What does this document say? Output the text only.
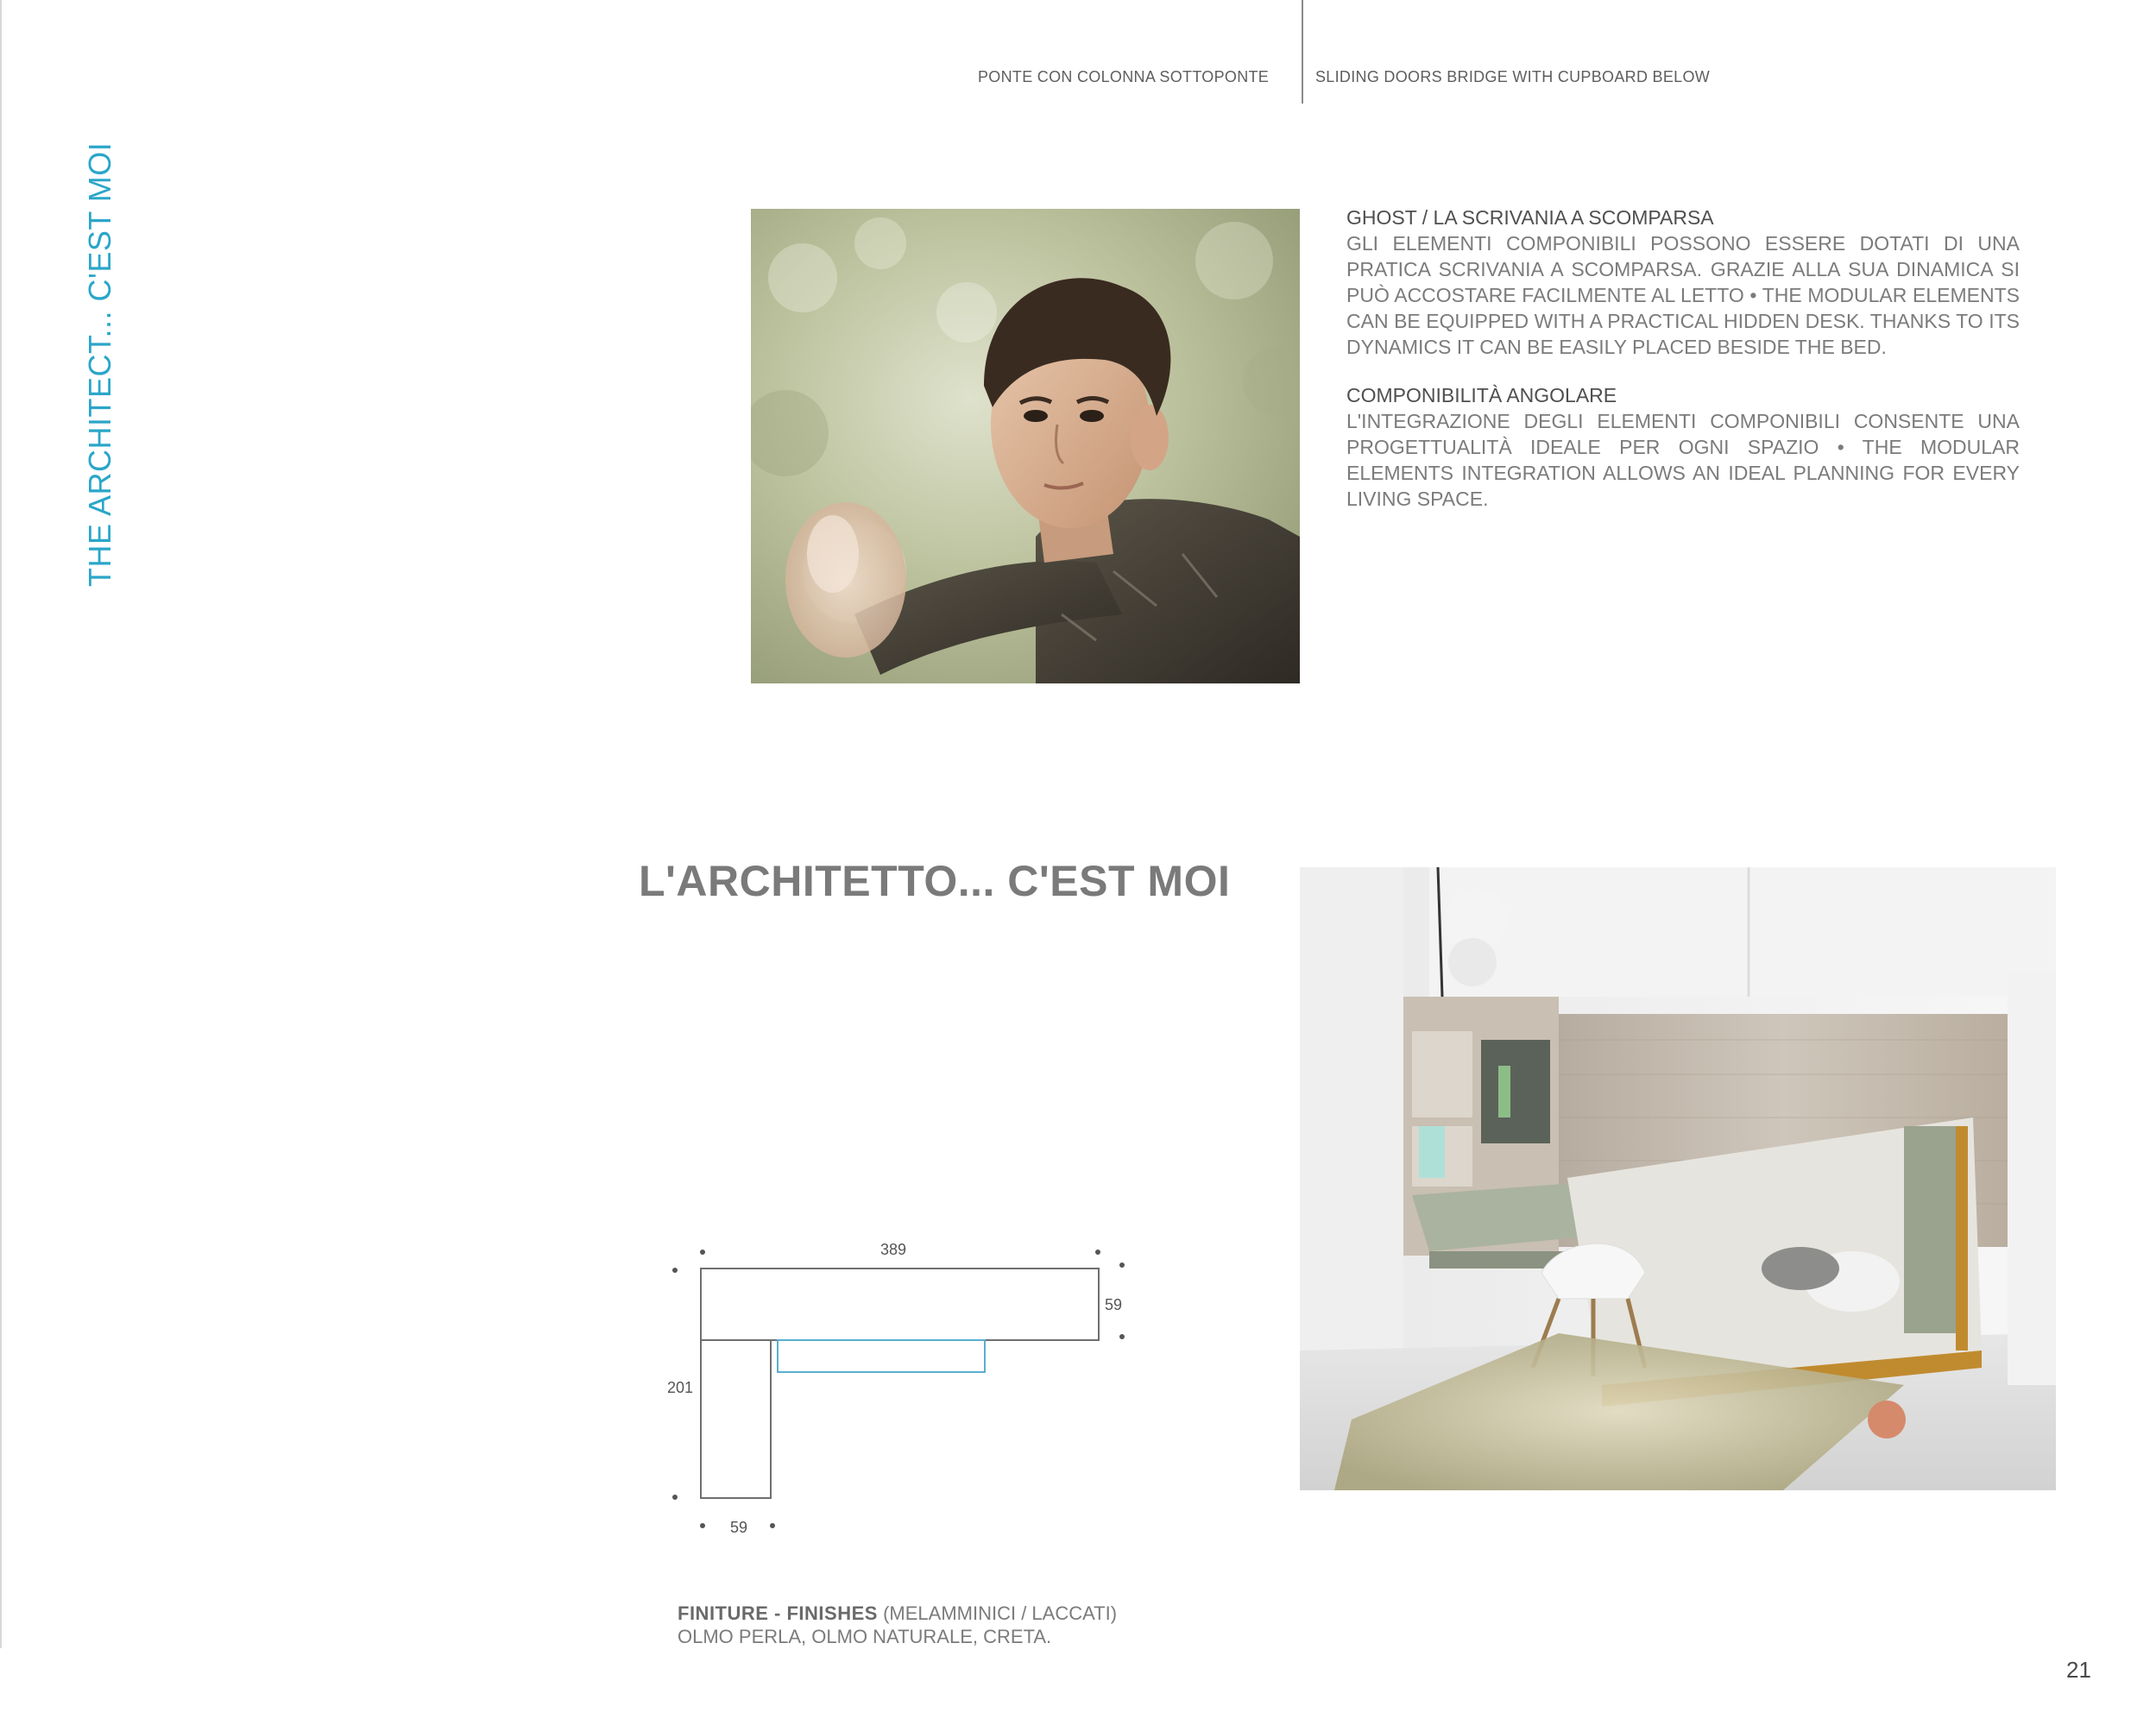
PONTE CON COLONNA SOTTOPONTE	SLIDING DOORS BRIDGE WITH CUPBOARD BELOW
THE ARCHITECT... C'EST MOI	GHOST / LA SCRIVANIA A SCOMPARSA
GLI ELEMENTI COMPONIBILI POSSONO ESSERE DOTATI DI UNA PRATICA SCRIVANIA A SCOMPARSA. GRAZIE ALLA SUA DINAMICA SI PUÒ ACCOSTARE FACILMENTE AL LETTO • THE MODULAR ELEMENTS CAN BE EQUIPPED WITH A PRACTICAL HIDDEN DESK. THANKS TO ITS DYNAMICS IT CAN BE EASILY PLACED BESIDE THE BED.
COMPONIBILITÀ ANGOLARE
L'INTEGRAZIONE DEGLI ELEMENTI COMPONIBILI CONSENTE UNA PROGETTUALITÀ IDEALE PER OGNI SPAZIO • THE MODULAR ELEMENTS INTEGRATION ALLOWS AN IDEAL PLANNING FOR EVERY LIVING SPACE.
L'ARCHITETTO... C'EST MOI
389
59
201
59
FINITURE - FINISHES (MELAMMINICI / LACCATI)
OLMO PERLA, OLMO NATURALE, CRETA.
21
